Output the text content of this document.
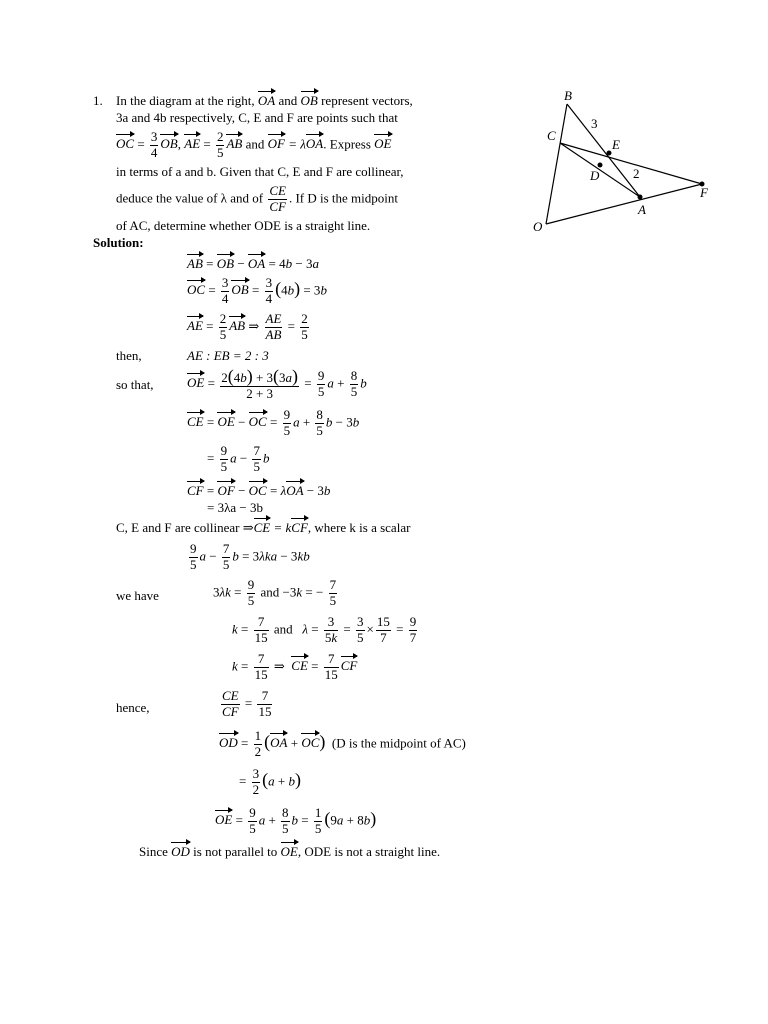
B
3
C
E
D	2
A
F
O
1. In the diagram at the right, OA and OB represent vectors,
3a and 4b respectively, C, E and F are points such that
OC = $\frac{3}{4}$ OB, AE = $\frac{2}{5}$ AB and OF = λOA. Express OE
in terms of a and b. Given that C, E and F are collinear,
deduce the value of λ and of $\frac{CE}{CF}$ . If D is the midpoint
of AC, determine whether ODE is a straight line.
Solution:
AB = OB − OA = 4b − 3a
OC = $\frac{3}{4}$ OB = $\frac{3}{4} (4b) = 3b$
AE = $\frac{2}{5}$ AB ⇒ $\frac{AE}{AB} = \frac{2}{5}$
then,	AE : EB = 2 : 3
so that,	OE = $\frac{2(4b) + 3(3a)}{2 + 3} = \frac{9}{5}$ $a + \frac{8}{5}$ b
CE = OE − OC = $\frac{9}{5}$ $a + \frac{8}{5}$ b − 3b
= $\frac{9}{5}$ $a - \frac{7}{5}$ b
CF = OF − OC = λOA − 3b
= 3λa − 3b
C, E and F are collinear ⇒CE = kCF, where k is a scalar
$\frac{9}{5}$ $a - \frac{7}{5}$ b = 3λka − 3kb
we have	$3\lambda k = \frac{9}{5}$ and −3k = − $\frac{7}{5}$
$k = \frac{7}{15}$ and   $\lambda = \frac{3}{5k} = \frac{3}{5} \times \frac{15}{7} = \frac{9}{7}$
$k = \frac{7}{15}$ ⇒  CE = $\frac{7}{15}$ CF
hence,	$\frac{CE}{CF} = \frac{7}{15}$
OD = $\frac{1}{2} (OA + OC)$ (D is the midpoint of AC)
= $\frac{3}{2} (a + b)$
OE = $\frac{9}{5}$ $a + \frac{8}{5}$ $b = \frac{1}{5} (9a + 8b)$
Since OD is not parallel to OE, ODE is not a straight line.
